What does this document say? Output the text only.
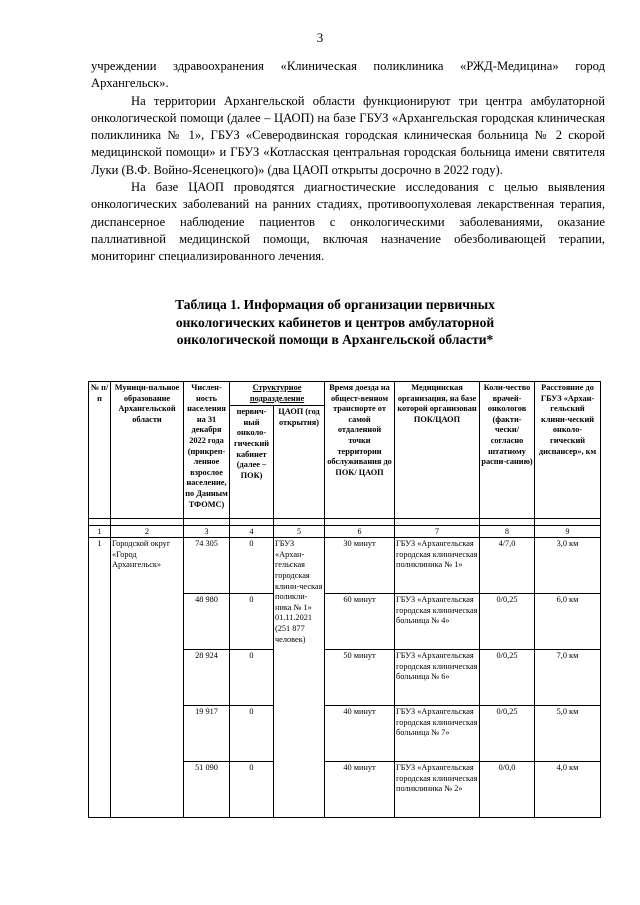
3

учреждении здравоохранения «Клиническая поликлиника «РЖД-Медицина» город Архангельск».

На территории Архангельской области функционируют три центра амбулаторной онкологической помощи (далее – ЦАОП) на базе ГБУЗ «Архангельская городская клиническая поликлиника № 1», ГБУЗ «Северодвинская городская клиническая больница № 2 скорой медицинской помощи» и ГБУЗ «Котласская центральная городская больница имени святителя Луки (В.Ф. Войно-Ясенецкого)» (два ЦАОП открыты досрочно в 2022 году).

На базе ЦАОП проводятся диагностические исследования с целью выявления онкологических заболеваний на ранних стадиях, противоопухолевая лекарственная терапия, диспансерное наблюдение пациентов с онкологическими заболеваниями, оказание паллиативной медицинской помощи, включая назначение обезболивающей терапии, мониторинг специализированного лечения.

Таблица 1. Информация об организации первичных онкологических кабинетов и центров амбулаторной онкологической помощи в Архангельской области*
№ п/п	Муници-пальное образование Архангельской области	Числен-ность населения на 31 декабря 2022 года (прикреп-ленное взрослое население, по Данным ТФОМС)	Структурное подразделение		Время доезда на общест-венном транспорте от самой отдаленной точки территории обслуживания до ПОК/ ЦАОП	Медицинская организация, на базе которой организован ПОК/ЦАОП	Коли-чество врачей-онкологов (факти-чески/ согласно штатному распи-санию)	Расстояние до ГБУЗ «Архан-гельский клини-ческий онколо-гический диспансер», км
			первич-ный онколо-гический кабинет (далее – ПОК)	ЦАОП (год открытия)				

1	2	3	4	5	6	7	8	9
1	Городской округ «Город Архангельск»	74 305	0	ГБУЗ «Архан-гельская городская клини-ческая поликли-ника № 1» 01.11.2021 (251 877 человек)	30 минут	ГБУЗ «Архангельская городская клиническая поликлиника № 1»	4/7,0	3,0 км
		48 980	0		60 минут	ГБУЗ «Архангельская городская клиническая больница № 4»	0/0,25	6,0 км
		28 924	0		50 минут	ГБУЗ «Архангельская городская клиническая больница № 6»	0/0,25	7,0 км
		19 917	0		40 минут	ГБУЗ «Архангельская городская клиническая больница № 7»	0/0,25	5,0 км
		51 090	0		40 минут	ГБУЗ «Архангельская городская клиническая поликлиника № 2»	0/0,0	4,0 км
